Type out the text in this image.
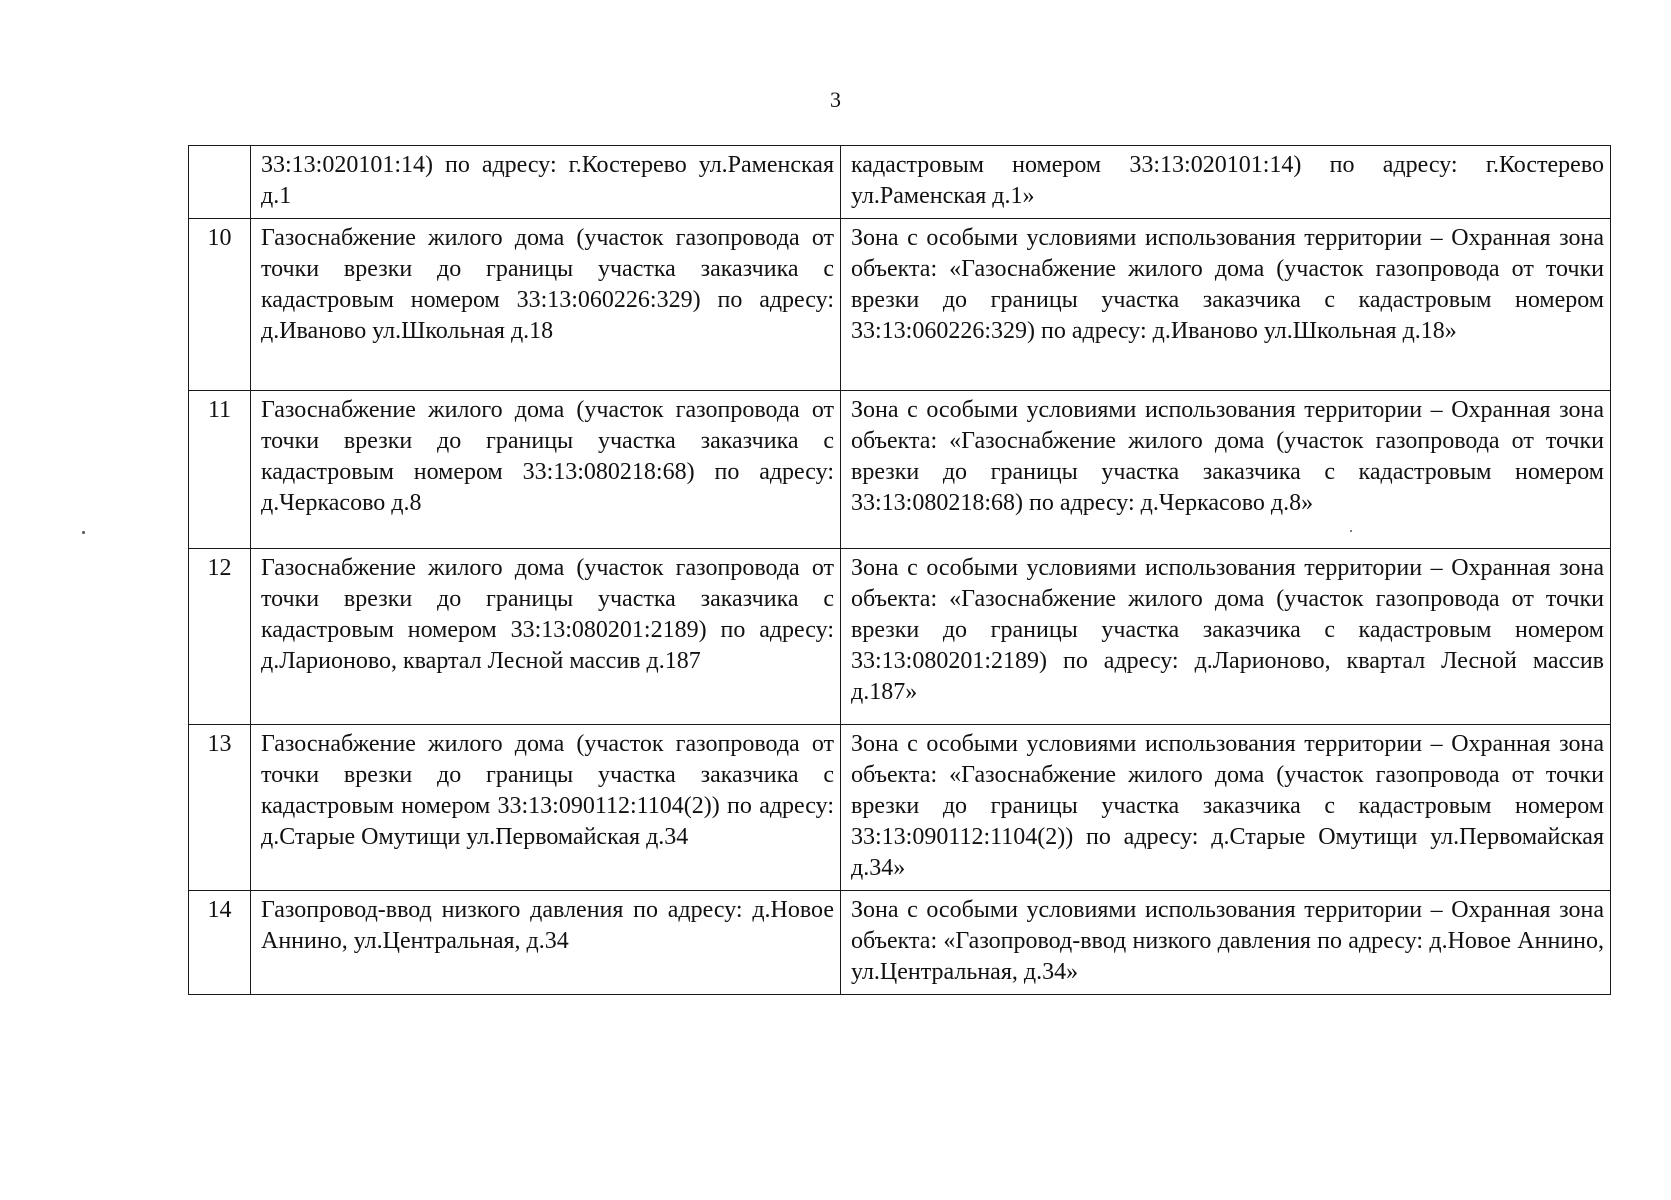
3
	33:13:020101:14) по адресу: г.Костерево ул.Раменская д.1	кадастровым номером 33:13:020101:14) по адресу: г.Костерево ул.Раменская д.1»
10	Газоснабжение жилого дома (участок газопровода от точки врезки до границы участка заказчика с кадастровым номером 33:13:060226:329) по адресу: д.Иваново ул.Школьная д.18	Зона с особыми условиями использования территории – Охранная зона объекта: «Газоснабжение жилого дома (участок газопровода от точки врезки до границы участка заказчика с кадастровым номером 33:13:060226:329) по адресу: д.Иваново ул.Школьная д.18»
11	Газоснабжение жилого дома (участок газопровода от точки врезки до границы участка заказчика с кадастровым номером 33:13:080218:68) по адресу: д.Черкасово д.8	Зона с особыми условиями использования территории – Охранная зона объекта: «Газоснабжение жилого дома (участок газопровода от точки врезки до границы участка заказчика с кадастровым номером 33:13:080218:68) по адресу: д.Черкасово д.8»
12	Газоснабжение жилого дома (участок газопровода от точки врезки до границы участка заказчика с кадастровым номером 33:13:080201:2189) по адресу: д.Ларионово, квартал Лесной массив д.187	Зона с особыми условиями использования территории – Охранная зона объекта: «Газоснабжение жилого дома (участок газопровода от точки врезки до границы участка заказчика с кадастровым номером 33:13:080201:2189) по адресу: д.Ларионово, квартал Лесной массив д.187»
13	Газоснабжение жилого дома (участок газопровода от точки врезки до границы участка заказчика с кадастровым номером 33:13:090112:1104(2)) по адресу: д.Старые Омутищи ул.Первомайская д.34	Зона с особыми условиями использования территории – Охранная зона объекта: «Газоснабжение жилого дома (участок газопровода от точки врезки до границы участка заказчика с кадастровым номером 33:13:090112:1104(2)) по адресу: д.Старые Омутищи ул.Первомайская д.34»
14	Газопровод-ввод низкого давления по адресу: д.Новое Аннино, ул.Центральная, д.34	Зона с особыми условиями использования территории – Охранная зона объекта: «Газопровод-ввод низкого давления по адресу: д.Новое Аннино, ул.Центральная, д.34»
